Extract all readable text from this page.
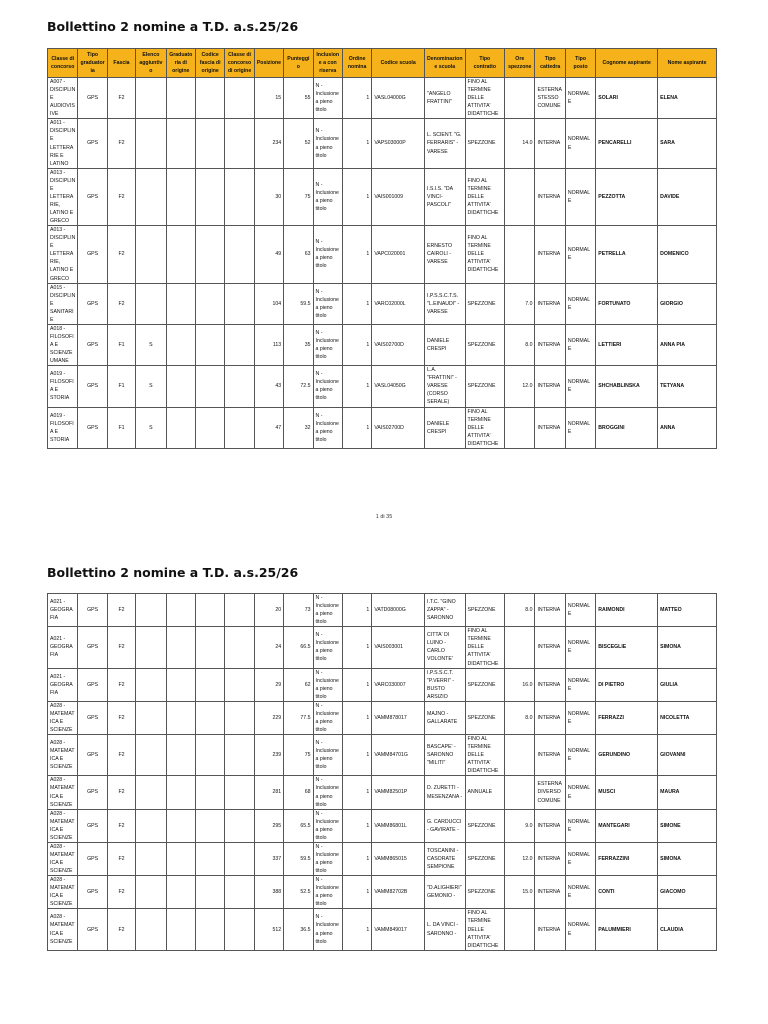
Bollettino 2 nomine a T.D. a.s.25/26
Classe di concorso	Tipo graduatoria	Fascia	Elenco aggiuntivo	Graduatoria di origine	Codice fascia di origine	Classe di concorso di origine	Posizione	Punteggio	Inclusione a con riserva	Ordine nomina	Codice scuola	Denominazione scuola	Tipo contratto	Ore spezzone	Tipo cattedra	Tipo posto	Cognome aspirante	Nome aspirante
A007 - DISCIPLINE AUDIOVISIVE	GPS	F2					15	55	N - Inclusione a pieno titolo	1	VASL04000G	"ANGELO FRATTINI"	FINO AL TERMINE DELLE ATTIVITA' DIDATTICHE		ESTERNA STESSO COMUNE	NORMALE	SOLARI	ELENA
A011 - DISCIPLINE LETTERARIE E LATINO	GPS	F2					234	52	N - Inclusione a pieno titolo	1	VAPS03000P	L. SCIENT. "G. FERRARIS" - VARESE	SPEZZONE	14.0	INTERNA	NORMALE	PENCARELLI	SARA
A013 - DISCIPLINE LETTERARIE, LATINO E GRECO	GPS	F2					30	75	N - Inclusione a pieno titolo	1	VAIS001009	I.S.I.S. "DA VINCI-PASCOLI"	FINO AL TERMINE DELLE ATTIVITA' DIDATTICHE		INTERNA	NORMALE	PEZZOTTA	DAVIDE
A013 - DISCIPLINE LETTERARIE, LATINO E GRECO	GPS	F2					49	63	N - Inclusione a pieno titolo	1	VAPC020001	ERNESTO CAIROLI - VARESE	FINO AL TERMINE DELLE ATTIVITA' DIDATTICHE		INTERNA	NORMALE	PETRELLA	DOMENICO
A015 - DISCIPLINE SANITARIE	GPS	F2					104	59.5	N - Inclusione a pieno titolo	1	VARC02000L	I.P.S.S.C.T.S. "L.EINAUDI" - VARESE	SPEZZONE	7.0	INTERNA	NORMALE	FORTUNATO	GIORGIO
A018 - FILOSOFIA E SCIENZE UMANE	GPS	F1	S				113	35	N - Inclusione a pieno titolo	1	VAIS02700D	DANIELE CRESPI	SPEZZONE	8.0	INTERNA	NORMALE	LETTIERI	ANNA PIA
A019 - FILOSOFIA E STORIA	GPS	F1	S				43	72.5	N - Inclusione a pieno titolo	1	VASL04050G	L.A. "FRATTINI" - VARESE (CORSO SERALE)	SPEZZONE	12.0	INTERNA	NORMALE	SHCHABLINSKA	TETYANA
A019 - FILOSOFIA E STORIA	GPS	F1	S				47	32	N - Inclusione a pieno titolo	1	VAIS02700D	DANIELE CRESPI	FINO AL TERMINE DELLE ATTIVITA' DIDATTICHE		INTERNA	NORMALE	BROGGINI	ANNA
1 di 35
Bollettino 2 nomine a T.D. a.s.25/26
A021 - GEOGRAFIA	GPS	F2					20	73	N - Inclusione a pieno titolo	1	VATD08000G	I.T.C. "GINO ZAPPA" - SARONNO	SPEZZONE	8.0	INTERNA	NORMALE	RAIMONDI	MATTEO
A021 - GEOGRAFIA	GPS	F2					24	66.5	N - Inclusione a pieno titolo	1	VAIS003001	CITTA' DI LUINO - CARLO VOLONTE'	FINO AL TERMINE DELLE ATTIVITA' DIDATTICHE		INTERNA	NORMALE	BISCEGLIE	SIMONA
A021 - GEOGRAFIA	GPS	F2					29	62	N - Inclusione a pieno titolo	1	VARC030007	I.P.S.S.C.T. "P.VERRI" - BUSTO ARSIZIO	SPEZZONE	16.0	INTERNA	NORMALE	DI PIETRO	GIULIA
A028 - MATEMATICA E SCIENZE	GPS	F2					229	77.5	N - Inclusione a pieno titolo	1	VAMM878017	MAJNO - GALLARATE	SPEZZONE	8.0	INTERNA	NORMALE	FERRAZZI	NICOLETTA
A028 - MATEMATICA E SCIENZE	GPS	F2					239	75	N - Inclusione a pieno titolo	1	VAMM84701G	BASCAPE' - SARONNO "MILITI"	FINO AL TERMINE DELLE ATTIVITA' DIDATTICHE		INTERNA	NORMALE	GERUNDINO	GIOVANNI
A028 - MATEMATICA E SCIENZE	GPS	F2					281	68	N - Inclusione a pieno titolo	1	VAMM82501P	D. ZURETTI - MESENZANA -	ANNUALE		ESTERNA DIVERSO COMUNE	NORMALE	MUSCI	MAURA
A028 - MATEMATICA E SCIENZE	GPS	F2					295	65.5	N - Inclusione a pieno titolo	1	VAMM86801L	G. CARDUCCI - GAVIRATE -	SPEZZONE	9.0	INTERNA	NORMALE	MANTEGARI	SIMONE
A028 - MATEMATICA E SCIENZE	GPS	F2					337	59.5	N - Inclusione a pieno titolo	1	VAMM865015	TOSCANINI - CASORATE SEMPIONE	SPEZZONE	12.0	INTERNA	NORMALE	FERRAZZINI	SIMONA
A028 - MATEMATICA E SCIENZE	GPS	F2					388	52.5	N - Inclusione a pieno titolo	1	VAMM82702B	"D.ALIGHIERI" GEMONIO -	SPEZZONE	15.0	INTERNA	NORMALE	CONTI	GIACOMO
A028 - MATEMATICA E SCIENZE	GPS	F2					512	36.5	N - Inclusione a pieno titolo	1	VAMM849017	L. DA VINCI - SARONNO -	FINO AL TERMINE DELLE ATTIVITA' DIDATTICHE		INTERNA	NORMALE	PALUMMIERI	CLAUDIA
